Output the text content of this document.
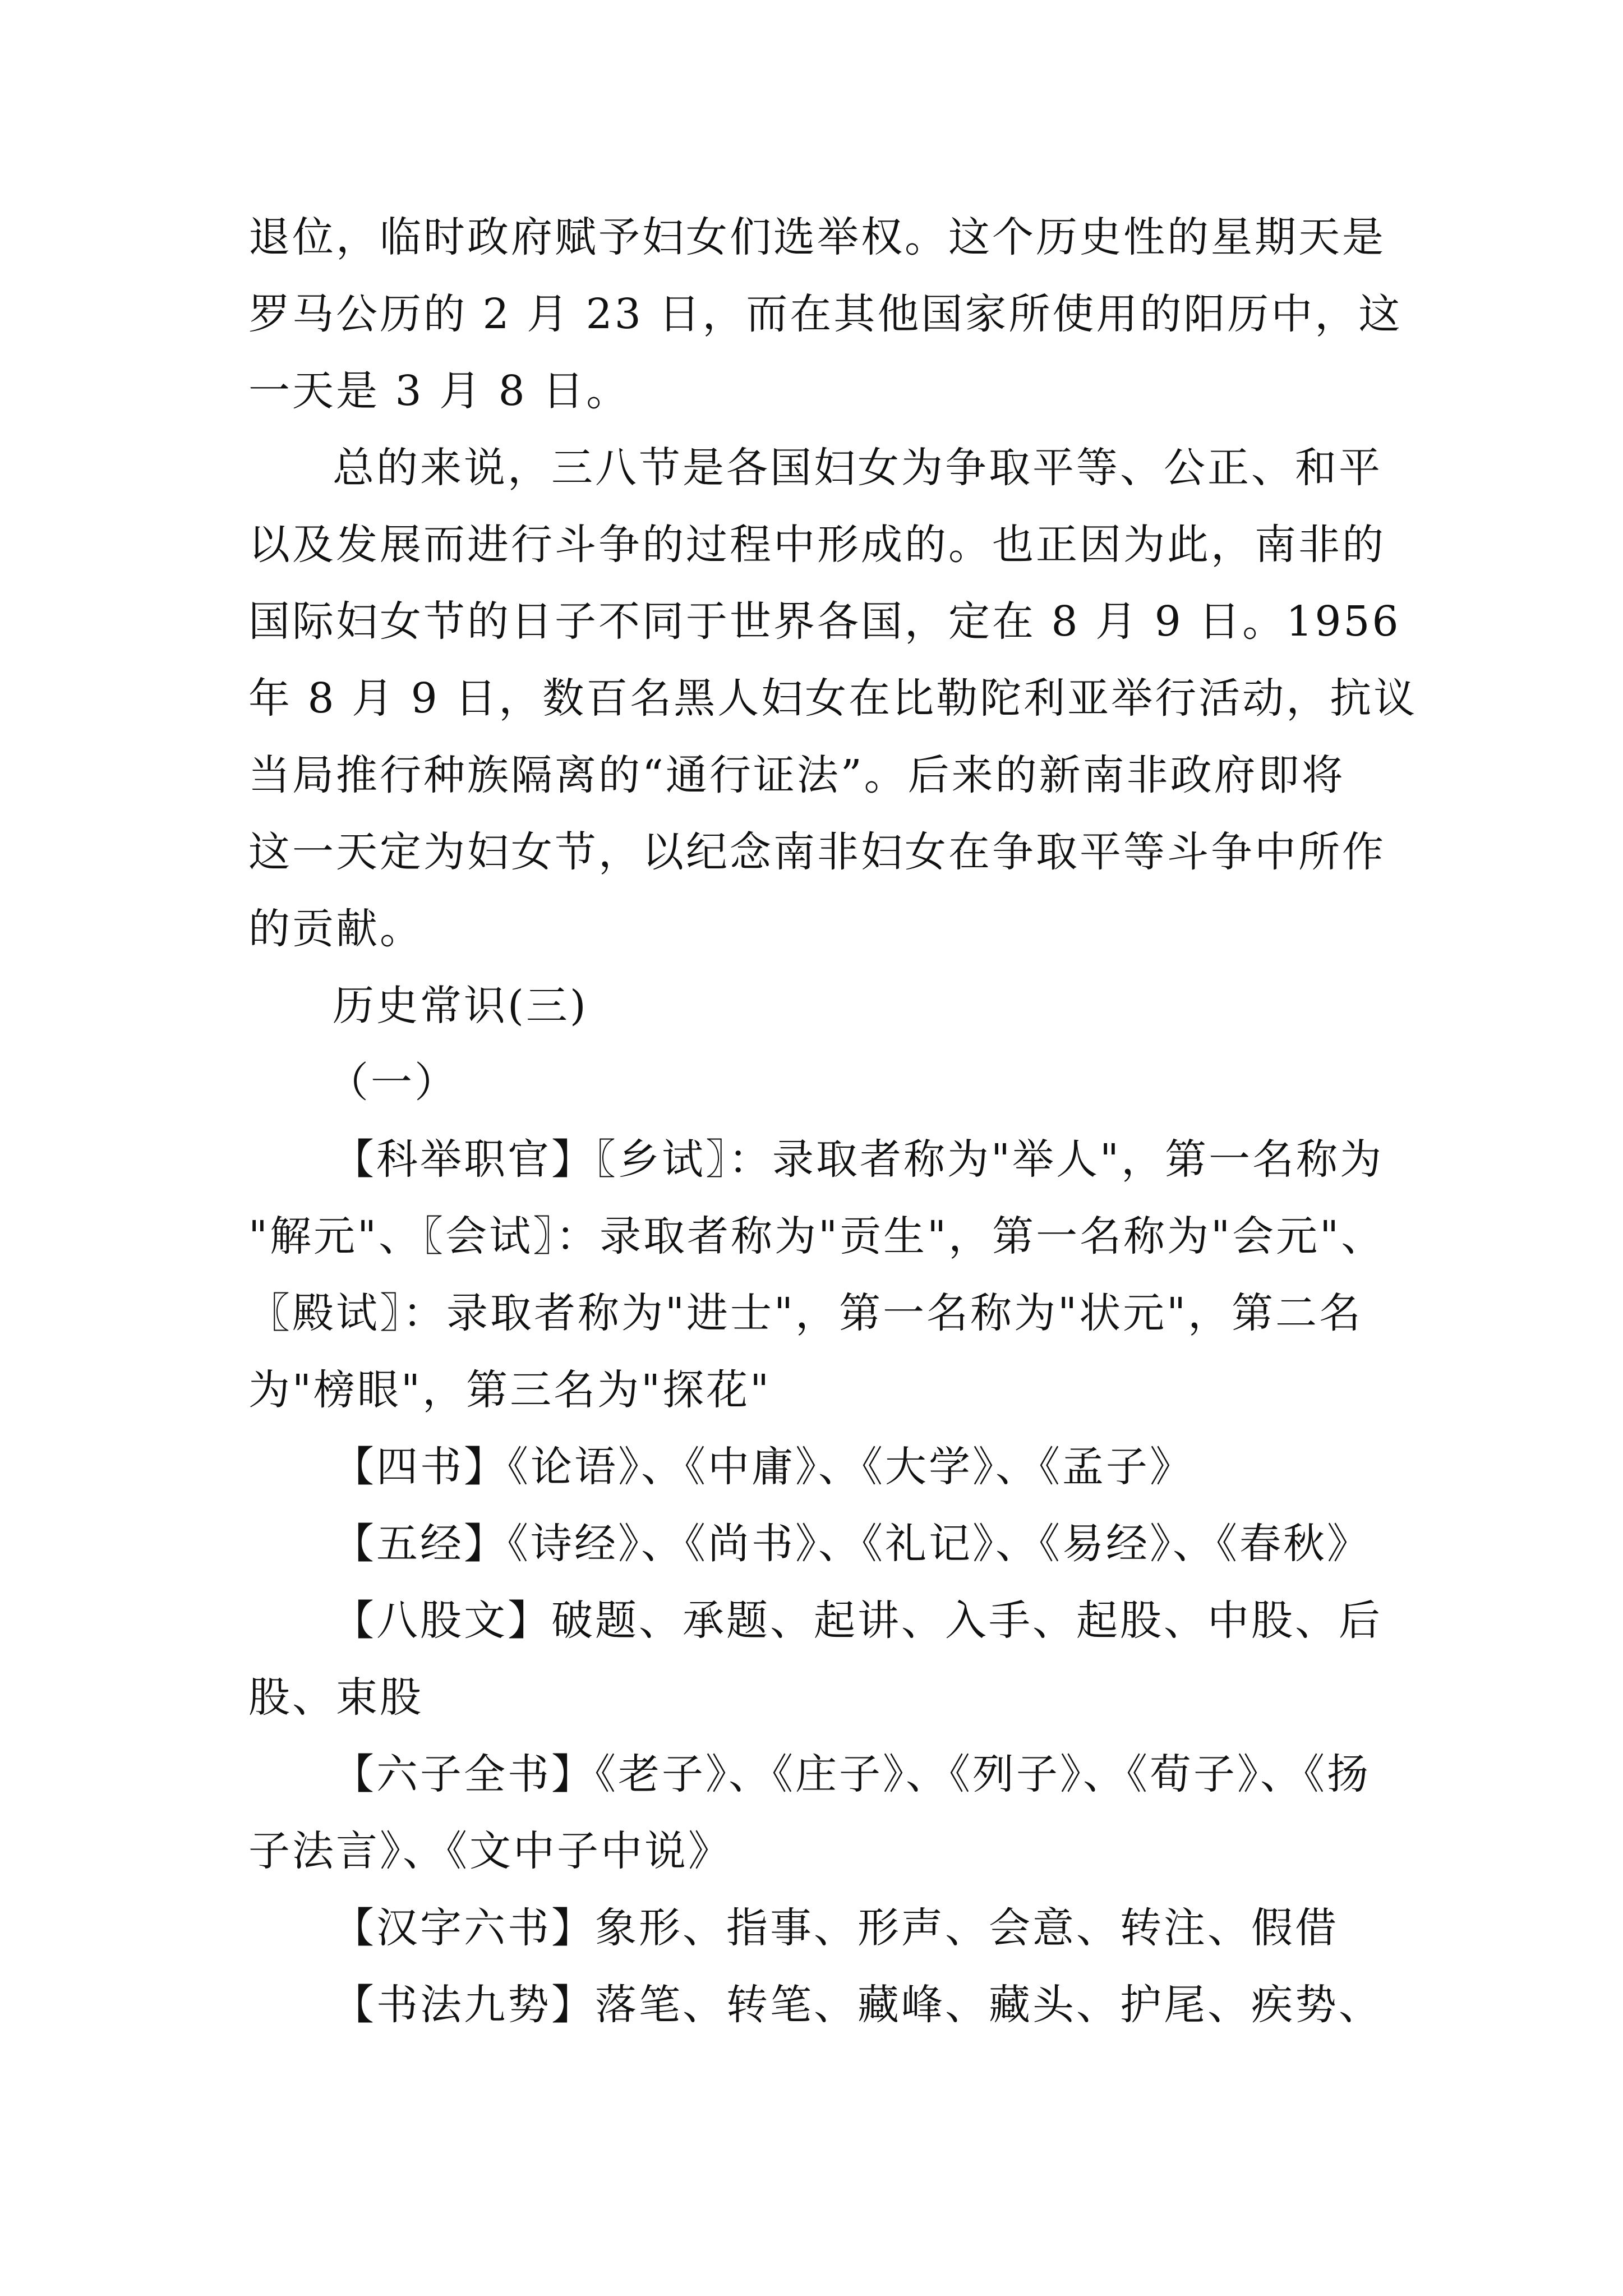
退位，临时政府赋予妇女们选举权。这个历史性的星期天是
罗马公历的 2 月 23 日，而在其他国家所使用的阳历中，这
一天是 3 月 8 日。
总的来说，三八节是各国妇女为争取平等、公正、和平
以及发展而进行斗争的过程中形成的。也正因为此，南非的
国际妇女节的日子不同于世界各国，定在 8 月 9 日。1956
年 8 月 9 日，数百名黑人妇女在比勒陀利亚举行活动，抗议
当局推行种族隔离的“通行证法”。后来的新南非政府即将
这一天定为妇女节，以纪念南非妇女在争取平等斗争中所作
的贡献。
历史常识(三)
（一）
【科举职官】〖乡试〗：录取者称为"举人"，第一名称为
"解元"、〖会试〗：录取者称为"贡生"，第一名称为"会元"、
〖殿试〗：录取者称为"进士"，第一名称为"状元"，第二名
为"榜眼"，第三名为"探花"
【四书】《论语》、《中庸》、《大学》、《孟子》
【五经】《诗经》、《尚书》、《礼记》、《易经》、《春秋》
【八股文】破题、承题、起讲、入手、起股、中股、后
股、束股
【六子全书】《老子》、《庄子》、《列子》、《荀子》、《扬
子法言》、《文中子中说》
【汉字六书】象形、指事、形声、会意、转注、假借
【书法九势】落笔、转笔、藏峰、藏头、护尾、疾势、
